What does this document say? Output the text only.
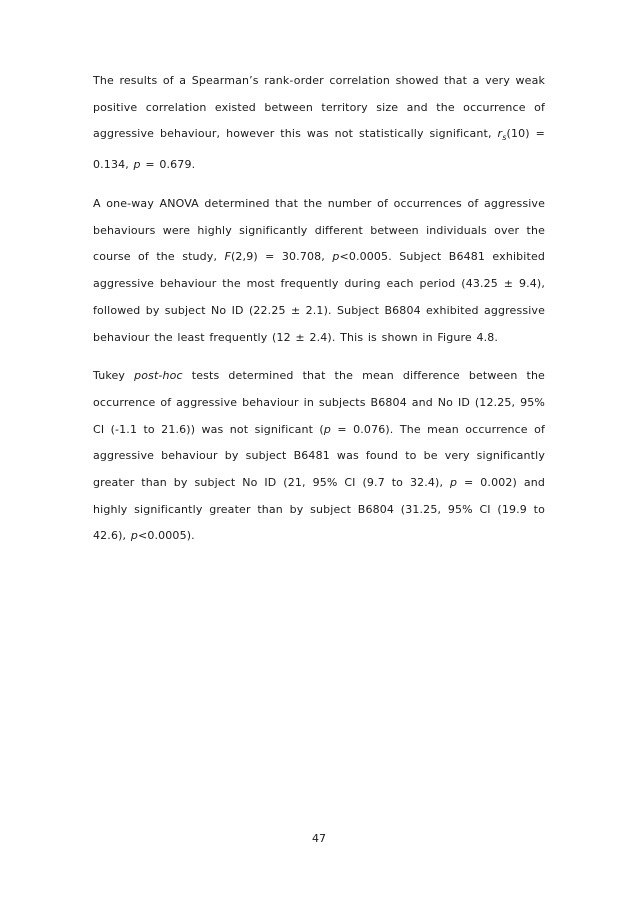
The results of a Spearman’s rank-order correlation showed that a very weak positive correlation existed between territory size and the occurrence of aggressive behaviour, however this was not statistically significant, $r_s(10) = 0.134$, p = 0.679.

A one-way ANOVA determined that the number of occurrences of aggressive behaviours were highly significantly different between individuals over the course of the study, F(2,9) = 30.708, p<0.0005. Subject B6481 exhibited aggressive behaviour the most frequently during each period (43.25 ± 9.4), followed by subject No ID (22.25 ± 2.1). Subject B6804 exhibited aggressive behaviour the least frequently (12 ± 2.4). This is shown in Figure 4.8.

Tukey post-hoc tests determined that the mean difference between the occurrence of aggressive behaviour in subjects B6804 and No ID (12.25, 95% CI (-1.1 to 21.6)) was not significant (p = 0.076). The mean occurrence of aggressive behaviour by subject B6481 was found to be very significantly greater than by subject No ID (21, 95% CI (9.7 to 32.4), p = 0.002) and highly significantly greater than by subject B6804 (31.25, 95% CI (19.9 to 42.6), p<0.0005).

47
